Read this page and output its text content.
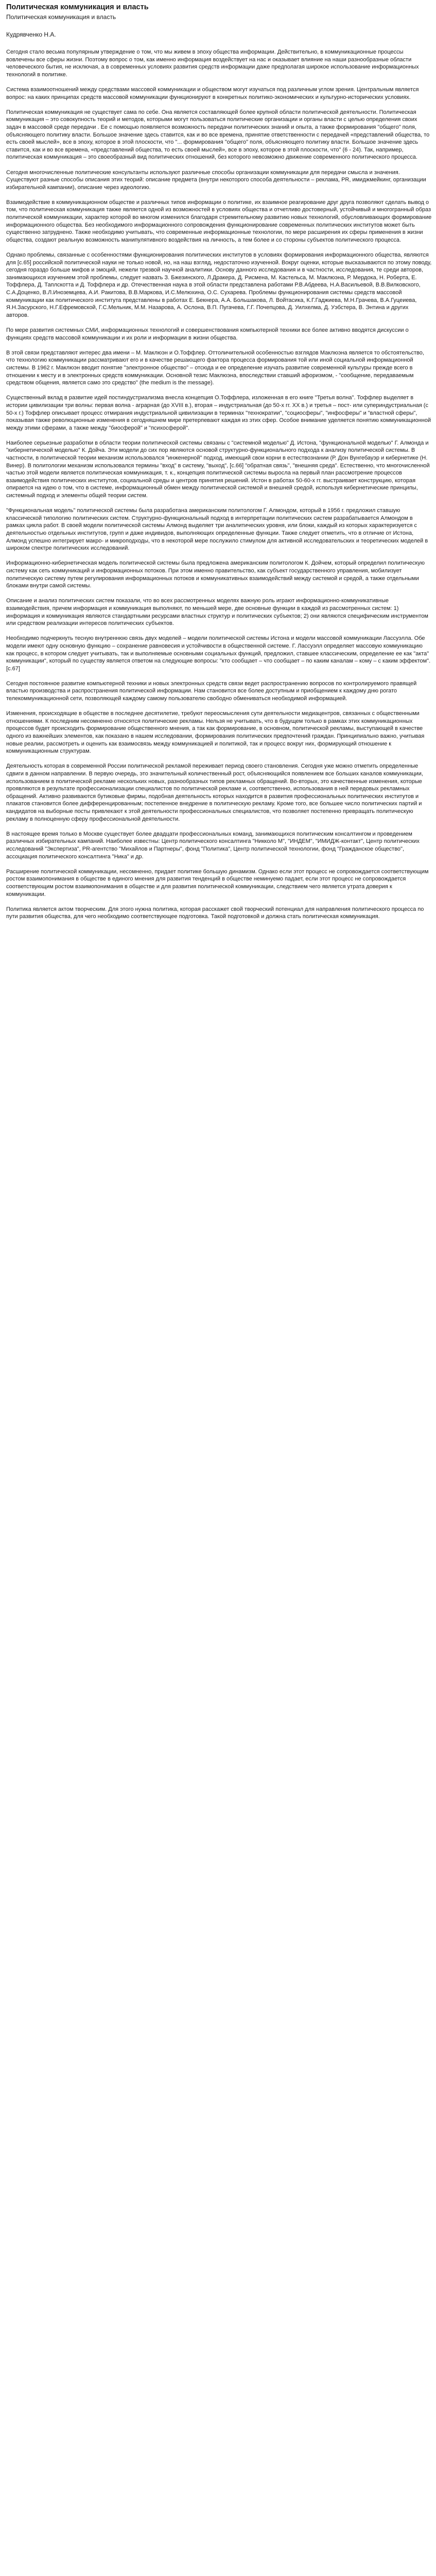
Политическая коммуникация и власть
Политическая коммуникация и власть
Кудрявченко Н.А.

Сегодня стало весьма популярным утверждение о том, что мы живем в эпоху общества информации. Действительно, в коммуникационные процессы вовлечены все сферы жизни. Поэтому вопрос о том, как именно информация воздействует на нас и оказывает влияние на наши разнообразные области человеческого бытия, не исключая, а в современных условиях развития средств информации даже предполагая широкое использование информационных технологий в политике.

Система взаимоотношений между средствами массовой коммуникации и обществом могут изучаться под различным углом зрения. Центральным является вопрос: на каких принципах средств массовой коммуникации функционируют в конкретных политико-экономических и культурно-исторических условиях.

Политическая коммуникация не существует сама по себе. Она является составляющей более крупной области политической деятельности. Политическая коммуникация – это совокупность теорий и методов, которыми могут пользоваться политические организации и органы власти с целью определения своих задач в массовой среде передачи . Ее с помощью появляется возможность передачи политических знаний и опыта, а также формирования "общего" поля, объясняющего политику власти. Большое значение здесь ставится, как и во все времена, принятие ответственности с передачей «представлений общества, то есть своей мыслей», все в эпоху, которое в этой плоскости, что "... формирования "общего" поля, объясняющего политику власти. Большое значение здесь ставится, как и во все времена, «представлений общества, то есть своей мыслей», все в эпоху, которое в этой плоскости, что" (6 - 24). Так, например, политическая коммуникация – это своеобразный вид политических отношений, без которого невозможно движение современного политического процесса.

Сегодня многочисленные политические консультанты используют различные способы организации коммуникации для передачи смысла и значения. Существуют разные способы описания этих теорий: описание предмета (внутри некоторого способа деятельности – реклама, PR, имиджмейкинг, организации избирательной кампании), описание через идеологию.

Взаимодействие в коммуникационном обществе и различных типов информации о политике, их взаимное реагирование друг друга позволяют сделать вывод о том, что политическая коммуникация также является одной из возможностей в условиях общества и отчетливо достоверный, устойчивый и многогранный образ политической коммуникации, характер которой во многом изменился благодаря стремительному развитию новых технологий, обусловливающих формирование информационного общества. Без необходимого информационного сопровождения функционирование современных политических институтов может быть существенно затруднено. Также необходимо учитывать, что современные информационные технологии, по мере расширения их сферы применения в жизни общества, создают реальную возможность манипулятивного воздействия на личность, а тем более и со стороны субъектов политического процесса.

Однако проблемы, связанные с особенностями функционирования политических институтов в условиях формирования информационного общества, являются для [с.65] российской политической науки не только новой, но, на наш взгляд, недостаточно изученной. Вокруг оценки, которые высказываются по этому поводу, сегодня гораздо больше мифов и эмоций, нежели трезвой научной аналитики. Основу данного исследования и в частности, исследования, те среди авторов, занимающихся изучением этой проблемы, следует назвать З. Бжезинского, Л.Дракера, Д. Рисмена, М. Кастельса, М. Маклюэна, Р. Мердока, Н. Роберта, Е. Тоффлера, Д. Таплскотта и Д. Тоффлера и др. Отечественная наука в этой области представлена работами Р.В.Абдеева, Н.А.Васильевой, В.В.Вилковского, С.А.Доценко, В.Л.Иноземцева, А.И. Ракитова, В.В.Маркова, И.С.Мелюхина, О.С. Сухарева. Проблемы функционирования системы средств массовой коммуникации как политического института представлены в работах Е. Бекнера, А.А. Большакова, Л. Войтасика, К.Г.Гаджиева, М.Н.Грачева, В.А.Гуцеиева, Я.Н.Засурского, Н.Г.Ефремовской, Г.С.Мельник, М.М. Назарова, А. Ослона, В.П. Пугачева, Г.Г. Почепцова, Д. Уилхелма, Д. Уэбстера, В. Энтина и других авторов.

По мере развития системных СМИ, информационных технологий и совершенствования компьютерной техники все более активно вводятся дискуссии о функциях средств массовой коммуникации и их роли и информации в жизни общества.

В этой связи представляют интерес два имени – М. Маклюэн и О.Тоффлер. Оттоличительной особенностью взглядов Маклюэна является то обстоятельство, что технологию коммуникации рассматривают его и в качестве решающего фактора процесса формирования той или иной социальной информационной системы. В 1962 г. Маклюэн вводит понятие "электронное общество" – отсюда и ее определение изучать развитие современной культуры прежде всего в отношении к месту и в электронных средств коммуникации. Основной тезис Маклюэна, впоследствии ставший афоризмом, - "сообщение, передаваемым средством общения, является само это средство" (the medium is the message).

Существенный вклад в развитие идей постиндустриализма внесла концепция О.Тоффлера, изложенная в его книге "Третья волна". Тоффлер выделяет в истории цивилизации три волны: первая волна - аграрная (до XVIII в.), вторая – индустриальная (до 50-х гг. XX в.) и третья – пост- или супериндустриальная (с 50-х г.) Тоффлер описывает процесс отмирания индустриальной цивилизации в терминах "технократии", "социосферы", "инфосферы" и "властной сферы", показывая также революционные изменения в сегодняшнем мире претерпевают каждая из этих сфер. Особое внимание уделяется понятию коммуникационной между этими сферами, а также между "биосферой" и "психосферой".

Наиболее серьезные разработки в области теории политической системы связаны с "системной моделью" Д. Истона, "функциональной моделью" Г. Алмонда и "кибернетической моделью" К. Дойча. Эти модели до сих пор являются основой структурно-функционального подхода к анализу политической системы. В частности, в политической теории механизм использовался "инженерной" подход, имеющий свои корни в естествознании (Р. Дон Вунгебауэр и кибернетике (Н. Винер). В политологии механизм использовался термины "вход" в систему, "выход", [с.66] "обратная связь", "внешняя среда". Естественно, что многочисленной частью этой модели является политическая коммуникация, т. к., концепция политической системы выросла на первый план рассмотрение процессов взаимодействия политических институтов, социальной среды и центров принятия решений. Истон в работах 50-60-х гг. выстраивает конструкцию, которая опирается на идею о том, что в системе, информационный обмен между политической системой и внешней средой, используя кибернетические принципы, системный подход и элементы общей теории систем.

"Функциональная модель" политической системы была разработана американским политологом Г. Алмондом, который в 1956 г. предложил ставшую классической типологию политических систем. Структурно-функциональный подход в интерпретации политических систем разрабатывается Алмондом в рамках цикла работ. В своей модели политической системы Алмонд выделяет три аналитических уровня, или блоки, каждый из которых характеризуется с деятельностью отдельных институтов, групп и даже индивидов, выполняющих определенные функции. Также следует отметить, что в отличие от Истона, Алмонд успешно интегрирует макро- и микроподходы, что в некоторой мере послужило стимулом для активной исследовательских и теоретических моделей в широком спектре политических исследований.

Информационно-кибернетическая модель политической системы была предложена американским политологом К. Дойчем, который определил политическую систему как сеть коммуникаций и информационных потоков. При этом именно правительство, как субъект государственного управления, мобилизует политическую систему путем регулирования информационных потоков и коммуникативных взаимодействий между системой и средой, а также отдельными блоками внутри самой системы.

Описание и анализ политических систем показали, что во всех рассмотренных моделях важную роль играют информационно-коммуникативные взаимодействия, причем информация и коммуникация выполняют, по меньшей мере, две основные функции в каждой из рассмотренных систем: 1) информация и коммуникация являются стандартными ресурсами властных структур и политических субъектов; 2) они являются специфическим инструментом или средством реализации интересов политических субъектов.

Необходимо подчеркнуть тесную внутреннюю связь двух моделей – модели политической системы Истона и модели массовой коммуникации Лассуэлла. Обе модели имеют одну основную функцию – сохранение равновесия и устойчивости в общественной системе. Г. Лассуэлл определяет массовую коммуникацию как процесс, в котором следует учитывать, так и выполняемые основными социальных функций, предложил, ставшее классическим, определение ее как "акта" коммуникации", который по существу является ответом на следующие вопросы: "кто сообщает – что сообщает – по каким каналам – кому – с каким эффектом". [с.67]

Сегодня постоянное развитие компьютерной техники и новых электронных средств связи ведет распространению вопросов по контролируемого правящей властью производства и распространения политической информации. Нам становится все более доступным и приобщением к каждому дню рогато телекоммуникационной сети, позволяющей каждому самому пользователю свободно обмениваться необходимой информацией.

Изменения, происходящие в обществе в последнее десятилетие, требуют переосмысления сути деятельности медиацентров, связанных с общественными отношениями. К последним несомненно относятся политические рекламы. Нельзя не учитывать, что в будущем только в рамках этих коммуникационных процессов будет происходить формирование общественного мнения, а так как формирование, в основном, политической рекламы, выступающей в качестве одного из важнейших элементов, как показано в нашем исследовании, формирования политических предпочтений граждан. Принципиально важно, учитывая новые реалии, рассмотреть и оценить как взаимосвязь между коммуникацией и политикой, так и процесс вокруг них, формирующий отношение к коммуникационным структурам.

Деятельность которая в современной России политической рекламой переживает период своего становления. Сегодня уже можно отметить определенные сдвиги в данном направлении. В первую очередь, это значительный количественный рост, объясняющийся появлением все больших каналов коммуникации, использованием в политической рекламе нескольких новых, разнообразных типов рекламных обращений. Во-вторых, это качественные изменения, которые проявляются в результате профессионализации специалистов по политической рекламе и, соответственно, использования в ней передовых рекламных обращений. Активно развиваются бутиковые фирмы, подобная деятельность которых находится в развития профессиональных политических институтов и плакатов становится более дифференцированным; постепенное внедрение в политическую рекламу. Кроме того, все большее число политических партий и кандидатов на выборные посты привлекают к этой деятельности профессиональных специалистов, что позволяет постепенно превращать политическую рекламу в полноценную сферу профессиональной деятельности.

В настоящее время только в Москве существует более двадцати профессиональных команд, занимающихся политическим консалтингом и проведением различных избирательных кампаний. Наиболее известны: Центр политического консалтинга "Никколо М", "ИНДЕМ", "ИМИДЖ-контакт", Центр политических исследований "Экспертиза", PR-агентство "Михайлов и Партнеры", фонд "Политика", Центр политической технологии, фонд "Гражданское общество", ассоциация политического консалтинга "Ника" и др.

Расширение политической коммуникации, несомненно, придает политике большую динамизм. Однако если этот процесс не сопровождается соответствующим ростом взаимопонимания в обществе в единого мнения для развития тенденций в обществе неминуемо падает, если этот процесс не сопровождается соответствующим ростом взаимопонимания в обществе и для развития политической коммуникации, следствием чего является утрата доверия к коммуникации.

Политика является актом творческим. Для этого нужна политика, которая расскажет свой творческий потенциал для направления политического процесса по пути развития общества, для чего необходимо соответствующее подготовка. Такой подготовкой и должна стать политическая коммуникация.
